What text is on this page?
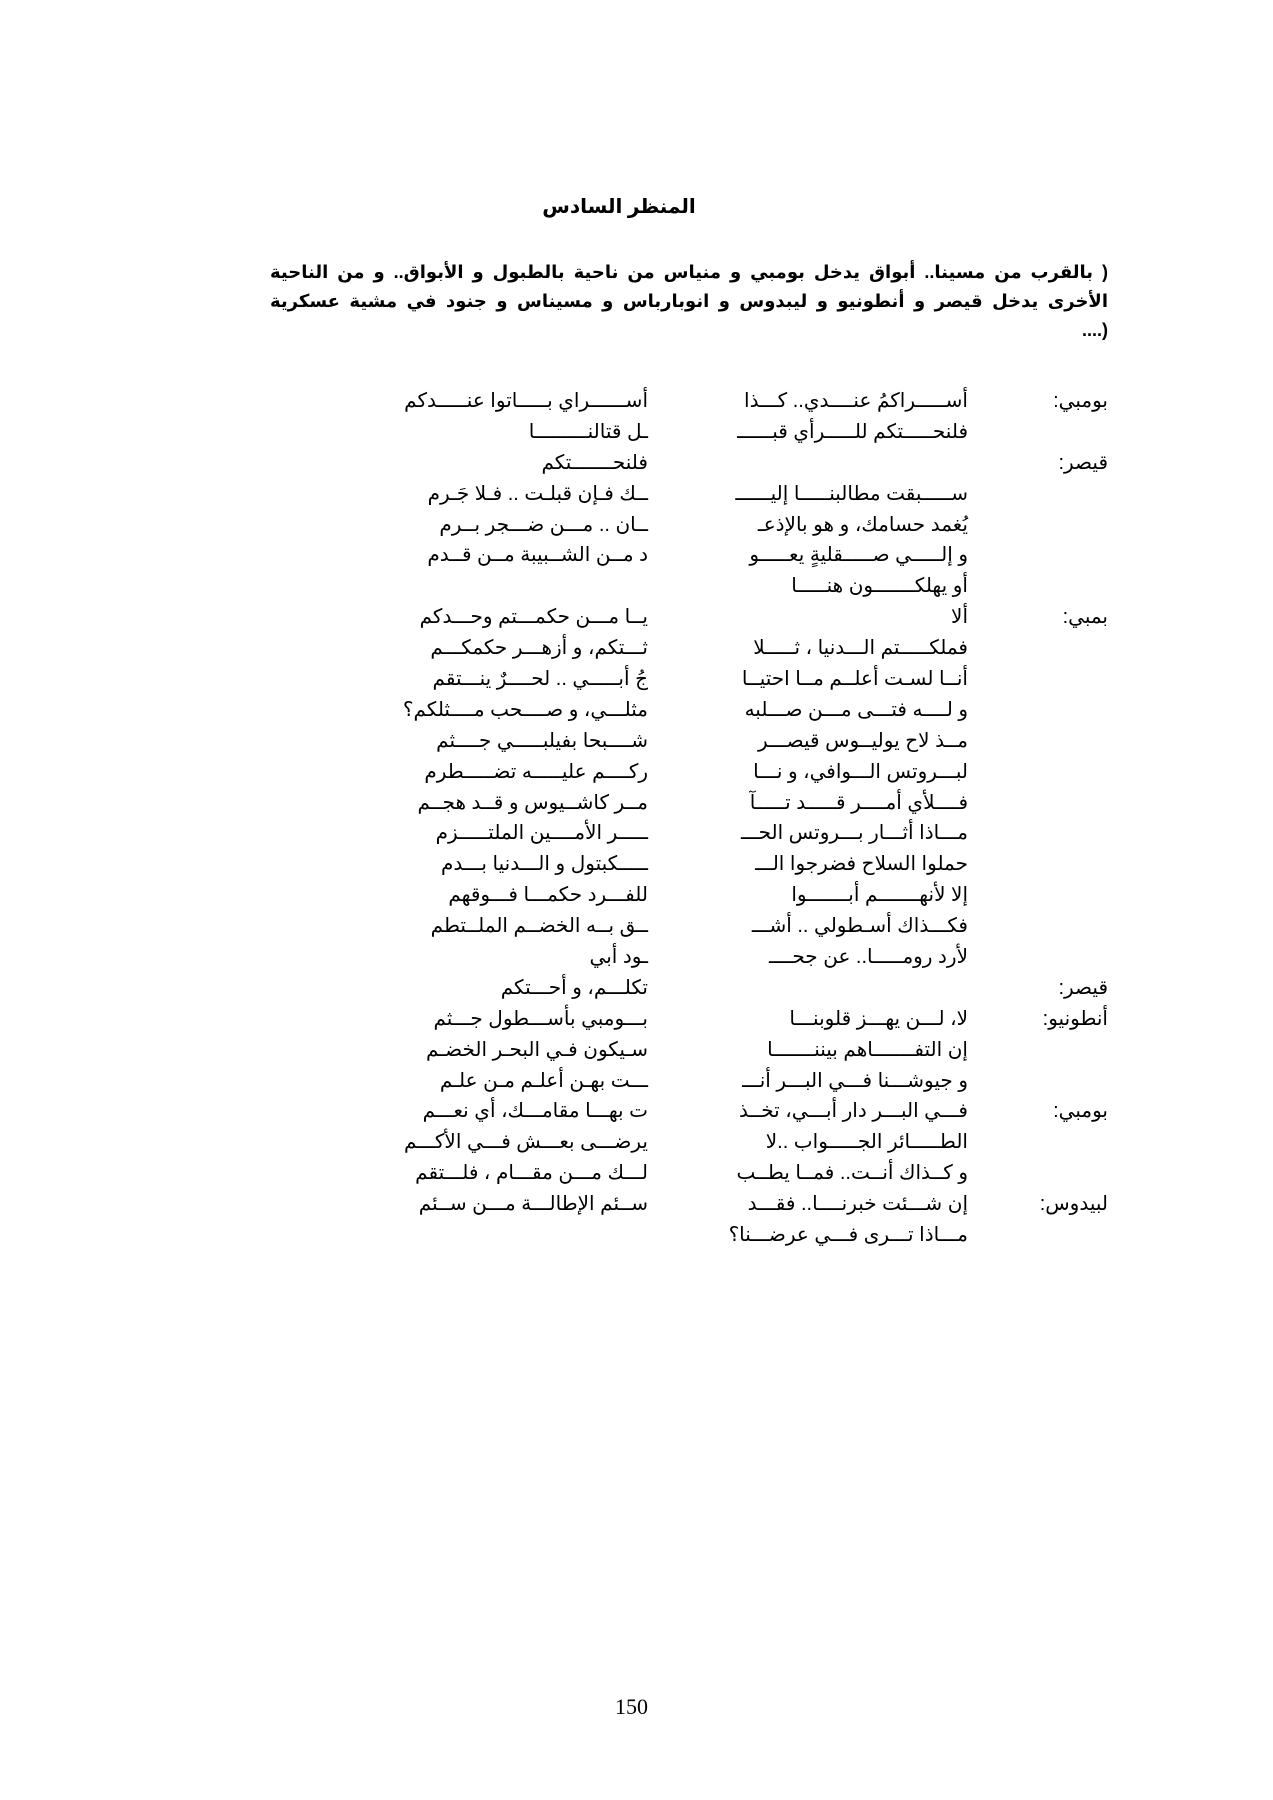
المنظر السادس
( بالقرب من مسينا.. أبواق يدخل بومبي و منياس من ناحية بالطبول و الأبواق.. و من الناحية
الأخرى يدخل قيصر و أنطونيو و ليبدوس و انوبارباس و مسيناس و جنود في مشية عسكرية
(....
بومبي:
أســـــراكمُ عنــــدي.. كـــذا
أســــــراي بـــــاتوا عنـــــدكم
فلنحـــــتكم للـــــرأي قبــــــ
ـل قتالنـــــــــا
قيصر:
فلنحـــــــتكم
ســـــبقت مطالبنـــــا إليــــــ
ــك فـإن قبلـت .. فـلا جَـرم
يُغمد حسامك، و هو بالإذعـ
ــان .. مـــن ضـــجر بــرم
و إلـــــي صـــــقليةٍ يعـــــو
د مــن الشــبيبة مــن قــدم
أو يهلكـــــــون هنـــــا
بمبي:
ألا
يــا مـــن حكمـــتم وحـــدكم
فملكـــــتم الـــدنيا ، ثـــــلا
ثـــتكم، و أزهـــر حكمكـــم
أنــا لسـت أعلــم مــا احتيــا
جُ أبـــــي .. لحــــرٌ ينـــتقم
و لــــه فتـــى مـــن صـــلبه
مثلـــي، و صــــحب مــــثلكم؟
مــذ لاح يوليــوس قيصـــر
شــــبحا بفيلبـــــي جــــثم
لبـــروتس الـــوافي، و نـــا
ركــــم عليـــــه تضـــــطرم
فــــلأي أمــــر قـــــد تـــــآ
مــر كاشــيوس و قــد هجــم
مـــاذا أثـــار بـــروتس الحـــ
ـــــر الأمــــين الملتـــــزم
حملوا السلاح فضرجوا الـــ
ـــــكبتول و الـــدنيا بـــدم
إلا لأنهـــــــم أبـــــــوا
للفـــرد حكمـــا فـــوقهم
فكـــذاك أسـطولي .. أشـــ
ــق بــه الخضــم الملــتطم
لأرد رومـــــا.. عن جحــــ
ـود أبي
قيصر:
تكلـــم، و أحـــتكم
أنطونيو:
لا، لـــن يهـــز قلوبنـــا
بـــومبي بأســـطول جـــثم
إن التفـــــــاهم بيننـــــــا
سـيكون فـي البحـر الخضـم
و جيوشـــنا فـــي البـــر أنـــ
ـــت بهـن أعلـم مـن علـم
بومبي:
فـــي البـــر دار أبـــي، تخــذ
ت بهـــا مقامـــك، أي نعـــم
الطـــــائر الجـــــواب ..لا
يرضـــى بعـــش فـــي الأكـــم
و كــذاك أنــت.. فمــا يطــب
لـــك مـــن مقـــام ، فلـــتقم
لبيدوس:
إن شـــئت خبرنــــا.. فقـــد
ســئم الإطالـــة مـــن ســئم
مـــاذا تـــرى فـــي عرضـــنا؟
150
